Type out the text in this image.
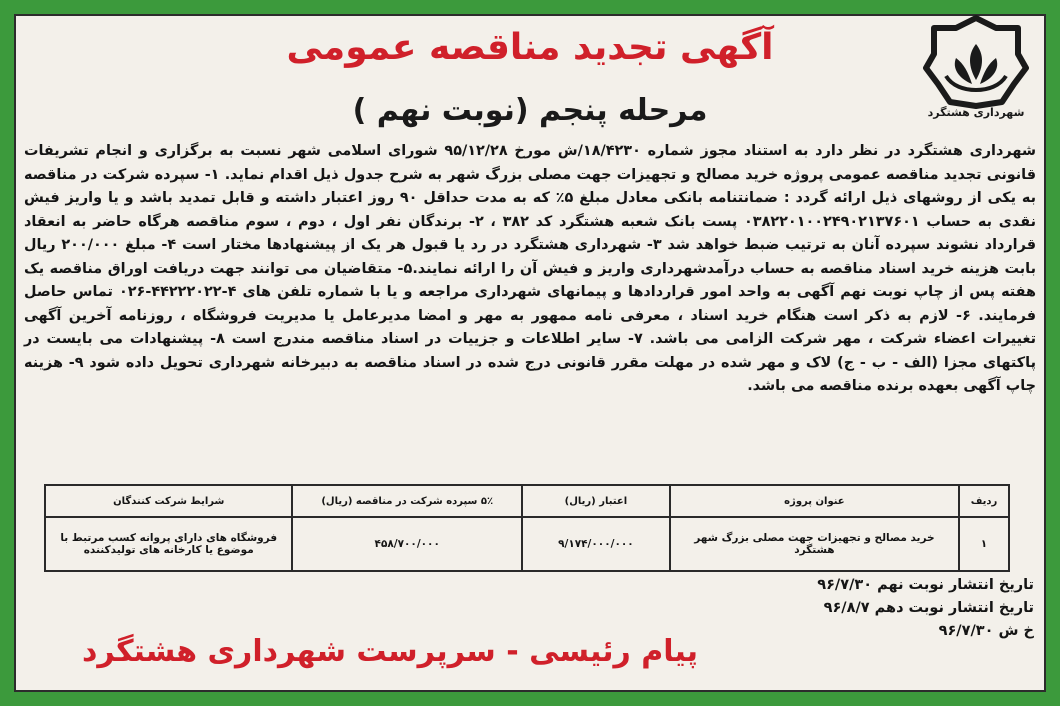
شهرداری هشتگرد
آگهی تجدید مناقصه عمومی
مرحله پنجم (نوبت نهم )

شهرداری هشتگرد در نظر دارد به استناد مجوز شماره ۱۸/۴۲۳۰/ش مورخ ۹۵/۱۲/۲۸ شورای اسلامی شهر نسبت به برگزاری و انجام تشریفات قانونی تجدید مناقصه عمومی پروژه خرید مصالح و تجهیزات جهت مصلی بزرگ شهر به شرح جدول ذیل اقدام نماید. ۱- سپرده شرکت در مناقصه به یکی از روشهای ذیل ارائه گردد : ضمانتنامه بانکی معادل مبلغ ۵٪ که به مدت حداقل ۹۰ روز اعتبار داشته و قابل تمدید باشد و یا واریز فیش نقدی به حساب ۰۳۸۲۲۰۱۰۰۲۴۹۰۲۱۳۷۶۰۱ پست بانک شعبه هشتگرد کد ۳۸۲ ، ۲- برندگان نفر اول ، دوم ، سوم مناقصه هرگاه حاضر به انعقاد قرارداد نشوند سپرده آنان به ترتیب ضبط خواهد شد ۳- شهرداری هشتگرد در رد یا قبول هر یک از پیشنهادها مختار است ۴- مبلغ ۲۰۰/۰۰۰ ریال بابت هزینه خرید اسناد مناقصه به حساب درآمدشهرداری واریز و فیش آن را ارائه نمایند.۵- متقاضیان می توانند جهت دریافت اوراق مناقصه یک هفته پس از چاپ نوبت نهم آگهی به واحد امور قراردادها و پیمانهای شهرداری مراجعه و یا با شماره تلفن های ۴-۴۴۲۲۲۰۲۲-۰۲۶ تماس حاصل فرمایند. ۶- لازم به ذکر است هنگام خرید اسناد ، معرفی نامه ممهور به مهر و امضا مدیرعامل یا مدیریت فروشگاه ، روزنامه آخرین آگهی تغییرات اعضاء شرکت ، مهر شرکت الزامی می باشد. ۷- سایر اطلاعات و جزییات در اسناد مناقصه مندرج است ۸- پیشنهادات می بایست در پاکتهای مجزا (الف - ب - ج) لاک و مهر شده در مهلت مقرر قانونی درج شده در اسناد مناقصه به دبیرخانه شهرداری تحویل داده شود ۹- هزینه چاپ آگهی بعهده برنده مناقصه می باشد.

ردیف	عنوان پروژه	اعتبار (ریال)	۵٪ سپرده شرکت در مناقصه (ریال)	شرایط شرکت کنندگان
۱	خرید مصالح و تجهیزات جهت مصلی بزرگ شهر هشتگرد	۹/۱۷۴/۰۰۰/۰۰۰	۴۵۸/۷۰۰/۰۰۰	فروشگاه های دارای پروانه کسب مرتبط با موضوع یا کارخانه های تولیدکننده
تاریخ انتشار نوبت نهم ۹۶/۷/۳۰
تاریخ انتشار نوبت دهم ۹۶/۸/۷
خ ش ۹۶/۷/۳۰
پیام رئیسی - سرپرست شهرداری هشتگرد
